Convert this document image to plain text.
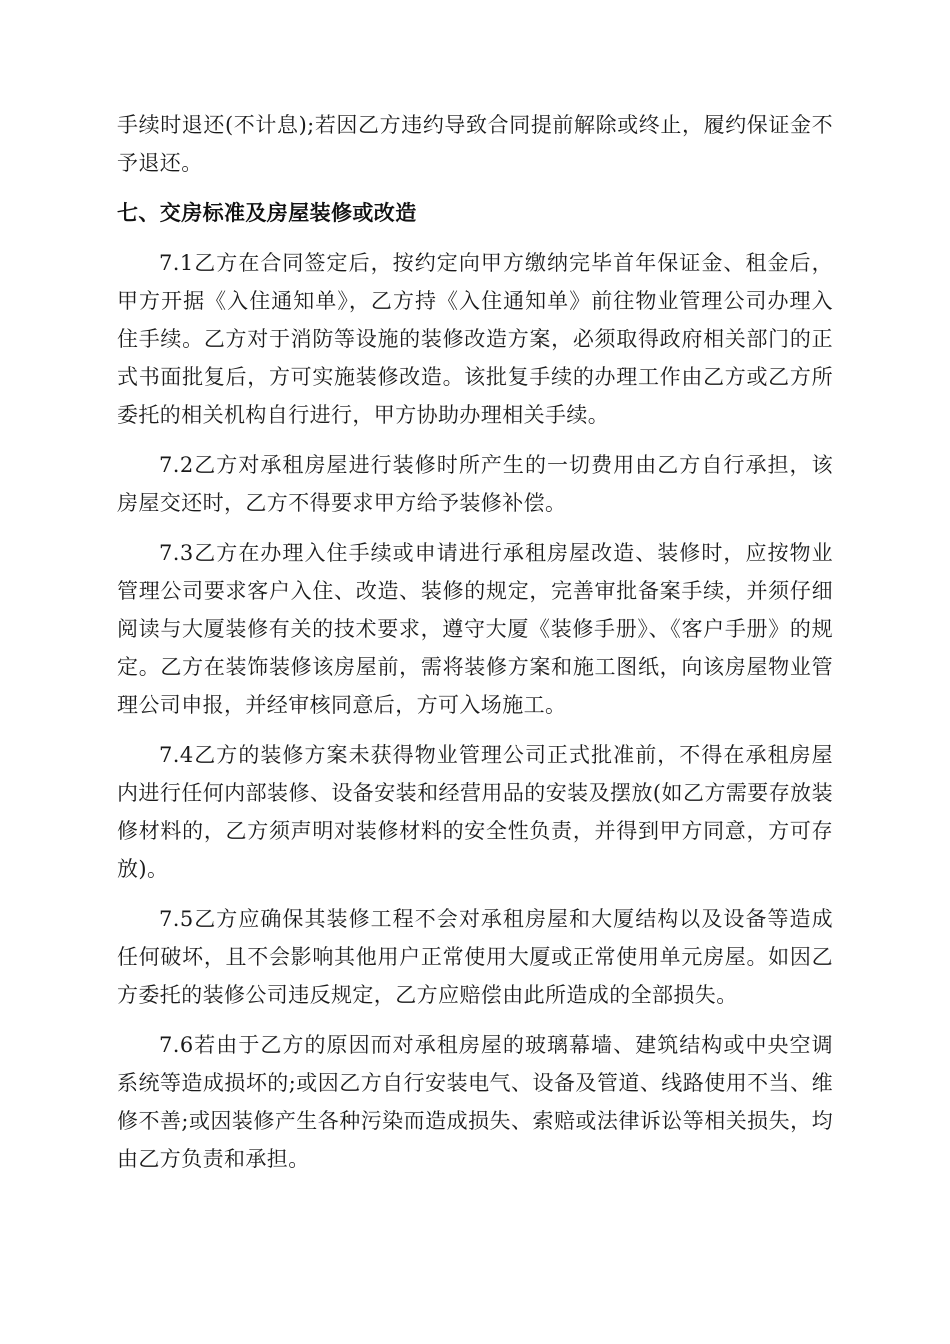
手续时退还(不计息);若因乙方违约导致合同提前解除或终止，履约保证金不予退还。

七、交房标准及房屋装修或改造

7.1乙方在合同签定后，按约定向甲方缴纳完毕首年保证金、租金后，甲方开据《入住通知单》，乙方持《入住通知单》前往物业管理公司办理入住手续。乙方对于消防等设施的装修改造方案，必须取得政府相关部门的正式书面批复后，方可实施装修改造。该批复手续的办理工作由乙方或乙方所委托的相关机构自行进行，甲方协助办理相关手续。

7.2乙方对承租房屋进行装修时所产生的一切费用由乙方自行承担，该房屋交还时，乙方不得要求甲方给予装修补偿。

7.3乙方在办理入住手续或申请进行承租房屋改造、装修时，应按物业管理公司要求客户入住、改造、装修的规定，完善审批备案手续，并须仔细阅读与大厦装修有关的技术要求，遵守大厦《装修手册》、《客户手册》的规定。乙方在装饰装修该房屋前，需将装修方案和施工图纸，向该房屋物业管理公司申报，并经审核同意后，方可入场施工。

7.4乙方的装修方案未获得物业管理公司正式批准前，不得在承租房屋内进行任何内部装修、设备安装和经营用品的安装及摆放(如乙方需要存放装修材料的，乙方须声明对装修材料的安全性负责，并得到甲方同意，方可存放)。

7.5乙方应确保其装修工程不会对承租房屋和大厦结构以及设备等造成任何破坏，且不会影响其他用户正常使用大厦或正常使用单元房屋。如因乙方委托的装修公司违反规定，乙方应赔偿由此所造成的全部损失。

7.6若由于乙方的原因而对承租房屋的玻璃幕墙、建筑结构或中央空调系统等造成损坏的;或因乙方自行安装电气、设备及管道、线路使用不当、维修不善;或因装修产生各种污染而造成损失、索赔或法律诉讼等相关损失，均由乙方负责和承担。
